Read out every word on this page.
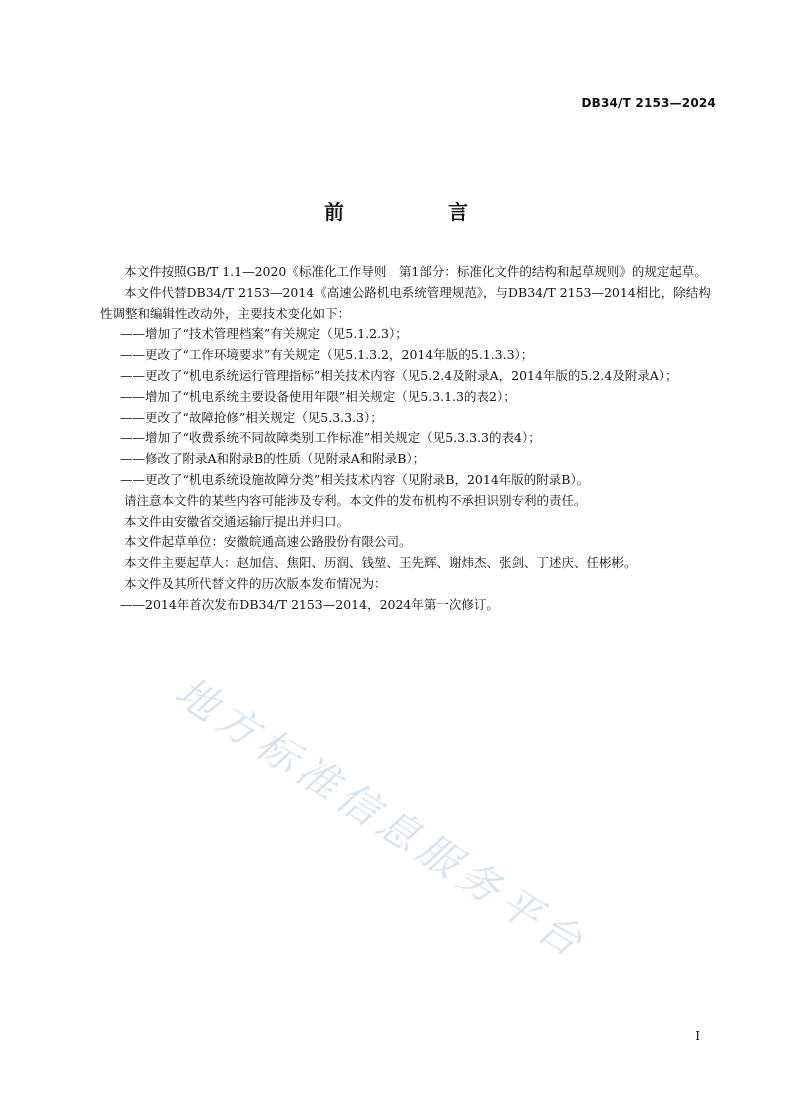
DB34/T 2153—2024
前　言

本文件按照GB/T 1.1—2020《标准化工作导则　第1部分：标准化文件的结构和起草规则》的规定起草。

本文件代替DB34/T 2153—2014《高速公路机电系统管理规范》，与DB34/T 2153—2014相比，除结构性调整和编辑性改动外，主要技术变化如下：

——增加了“技术管理档案”有关规定（见5.1.2.3）；

——更改了“工作环境要求”有关规定（见5.1.3.2，2014年版的5.1.3.3）；

——更改了“机电系统运行管理指标”相关技术内容（见5.2.4及附录A，2014年版的5.2.4及附录A）；

——增加了“机电系统主要设备使用年限”相关规定（见5.3.1.3的表2）；

——更改了“故障抢修”相关规定（见5.3.3.3）；

——增加了“收费系统不同故障类别工作标准”相关规定（见5.3.3.3的表4）；

——修改了附录A和附录B的性质（见附录A和附录B）；

——更改了“机电系统设施故障分类”相关技术内容（见附录B，2014年版的附录B）。

请注意本文件的某些内容可能涉及专利。本文件的发布机构不承担识别专利的责任。

本文件由安徽省交通运输厅提出并归口。

本文件起草单位：安徽皖通高速公路股份有限公司。

本文件主要起草人：赵加信、焦阳、历润、钱堃、王先辉、谢炜杰、张剑、丁述庆、任彬彬。

本文件及其所代替文件的历次版本发布情况为：

——2014年首次发布DB34/T 2153—2014，2024年第一次修订。

地方标准信息服务平台
I
